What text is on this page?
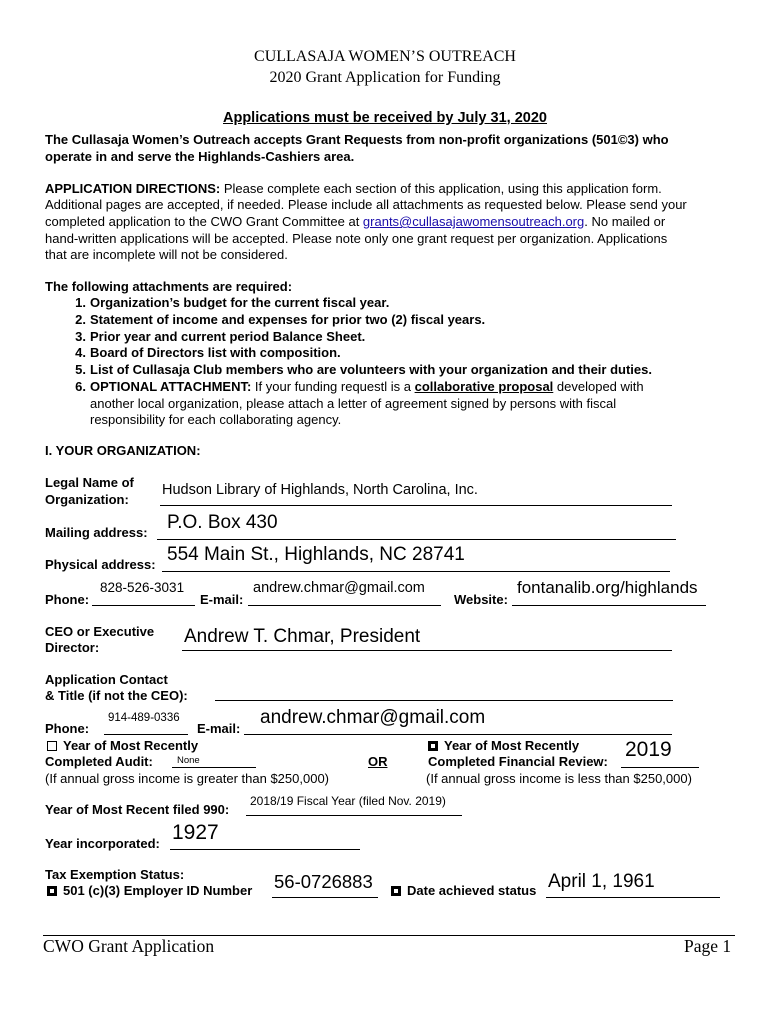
CULLASAJA WOMEN’S OUTREACH
2020 Grant Application for Funding
Applications must be received by July 31, 2020
The Cullasaja Women’s Outreach accepts Grant Requests from non-profit organizations (501©3) who
operate in and serve the Highlands-Cashiers area.
APPLICATION DIRECTIONS: Please complete each section of this application, using this application form.
Additional pages are accepted, if needed. Please include all attachments as requested below. Please send your
completed application to the CWO Grant Committee at grants@cullasajawomensoutreach.org. No mailed or
hand-written applications will be accepted. Please note only one grant request per organization. Applications
that are incomplete will not be considered.
The following attachments are required:
1. Organization’s budget for the current fiscal year.
2. Statement of income and expenses for prior two (2) fiscal years.
3. Prior year and current period Balance Sheet.
4. Board of Directors list with composition.
5. List of Cullasaja Club members who are volunteers with your organization and their duties.
6. OPTIONAL ATTACHMENT: If your funding requestl is a collaborative proposal developed with
another local organization, please attach a letter of agreement signed by persons with fiscal
responsibility for each collaborating agency.
I. YOUR ORGANIZATION:
Legal Name of
Organization:
Hudson Library of Highlands, North Carolina, Inc.
Mailing address: P.O. Box 430
Physical address: 554 Main St., Highlands, NC 28741
Phone:
828-526-3031
E-mail:
andrew.chmar@gmail.com
Website:
fontanalib.org/highlands
CEO or Executive
Director:
Andrew T. Chmar, President
Application Contact
& Title (if not the CEO):
Phone:
914-489-0336
E-mail:
andrew.chmar@gmail.com
Year of Most Recently
Completed Audit:	None
(If annual gross income is greater than $250,000)
OR
Year of Most Recently
Completed Financial Review:
2019
(If annual gross income is less than $250,000)
Year of Most Recent filed 990:
2018/19 Fiscal Year (filed Nov. 2019)
Year incorporated: 1927
Tax Exemption Status:
501 (c)(3) Employer ID Number 56-0726883	Date achieved status April 1, 1961
CWO Grant Application	Page 1
